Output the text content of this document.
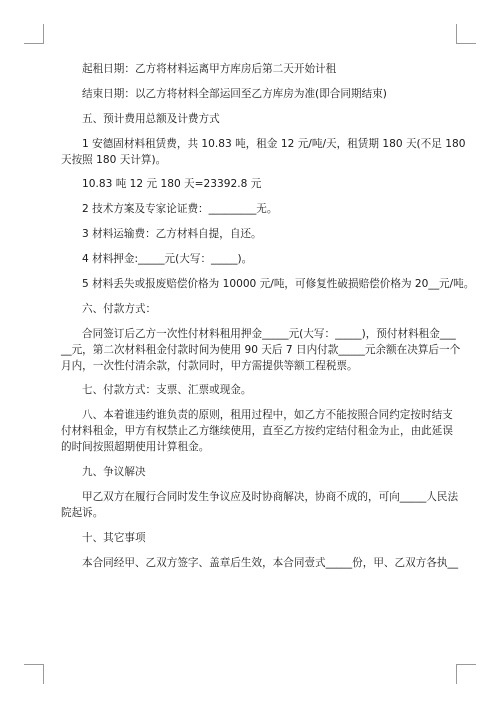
起租日期：乙方将材料运离甲方库房后第二天开始计租
结束日期：以乙方将材料全部运回至乙方库房为准(即合同期结束)
五、预计费用总额及计费方式
1 安德固材料租赁费，共 10.83 吨，租金 12 元/吨/天，租赁期 180 天(不足 180
天按照 180 天计算)。
10.83 吨 12 元 180 天=23392.8 元
2 技术方案及专家论证费：_________无。
3 材料运输费：乙方材料自提，自还。
4 材料押金:_____元(大写：_____)。
5 材料丢失或报废赔偿价格为 10000 元/吨，可修复性破损赔偿价格为 20__元/吨。
六、付款方式：
合同签订后乙方一次性付材料租用押金_____元(大写：_____)，预付材料租金___
__元，第二次材料租金付款时间为使用 90 天后 7 日内付款_____元余额在决算后一个
月内，一次性付清余款，付款同时，甲方需提供等额工程税票。
七、付款方式：支票、汇票或现金。
八、本着谁违约谁负责的原则，租用过程中，如乙方不能按照合同约定按时结支
付材料租金，甲方有权禁止乙方继续使用，直至乙方按约定结付租金为止，由此延误
的时间按照超期使用计算租金。
九、争议解决
甲乙双方在履行合同时发生争议应及时协商解决，协商不成的，可向_____人民法
院起诉。
十、其它事项
本合同经甲、乙双方签字、盖章后生效，本合同壹式_____份，甲、乙双方各执__
